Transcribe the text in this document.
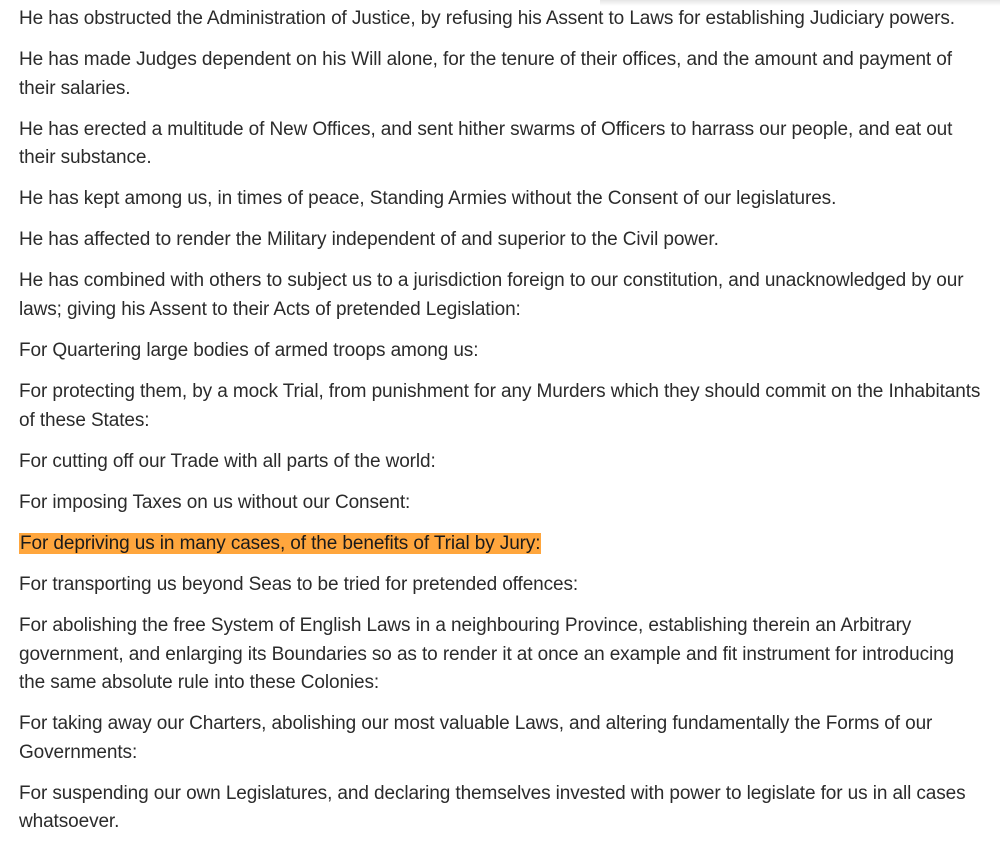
He has obstructed the Administration of Justice, by refusing his Assent to Laws for establishing Judiciary powers.

He has made Judges dependent on his Will alone, for the tenure of their offices, and the amount and payment of their salaries.

He has erected a multitude of New Offices, and sent hither swarms of Officers to harrass our people, and eat out their substance.

He has kept among us, in times of peace, Standing Armies without the Consent of our legislatures.

He has affected to render the Military independent of and superior to the Civil power.

He has combined with others to subject us to a jurisdiction foreign to our constitution, and unacknowledged by our laws; giving his Assent to their Acts of pretended Legislation:

For Quartering large bodies of armed troops among us:

For protecting them, by a mock Trial, from punishment for any Murders which they should commit on the Inhabitants of these States:

For cutting off our Trade with all parts of the world:

For imposing Taxes on us without our Consent:

For depriving us in many cases, of the benefits of Trial by Jury:

For transporting us beyond Seas to be tried for pretended offences:

For abolishing the free System of English Laws in a neighbouring Province, establishing therein an Arbitrary government, and enlarging its Boundaries so as to render it at once an example and fit instrument for introducing the same absolute rule into these Colonies:

For taking away our Charters, abolishing our most valuable Laws, and altering fundamentally the Forms of our Governments:

For suspending our own Legislatures, and declaring themselves invested with power to legislate for us in all cases whatsoever.
